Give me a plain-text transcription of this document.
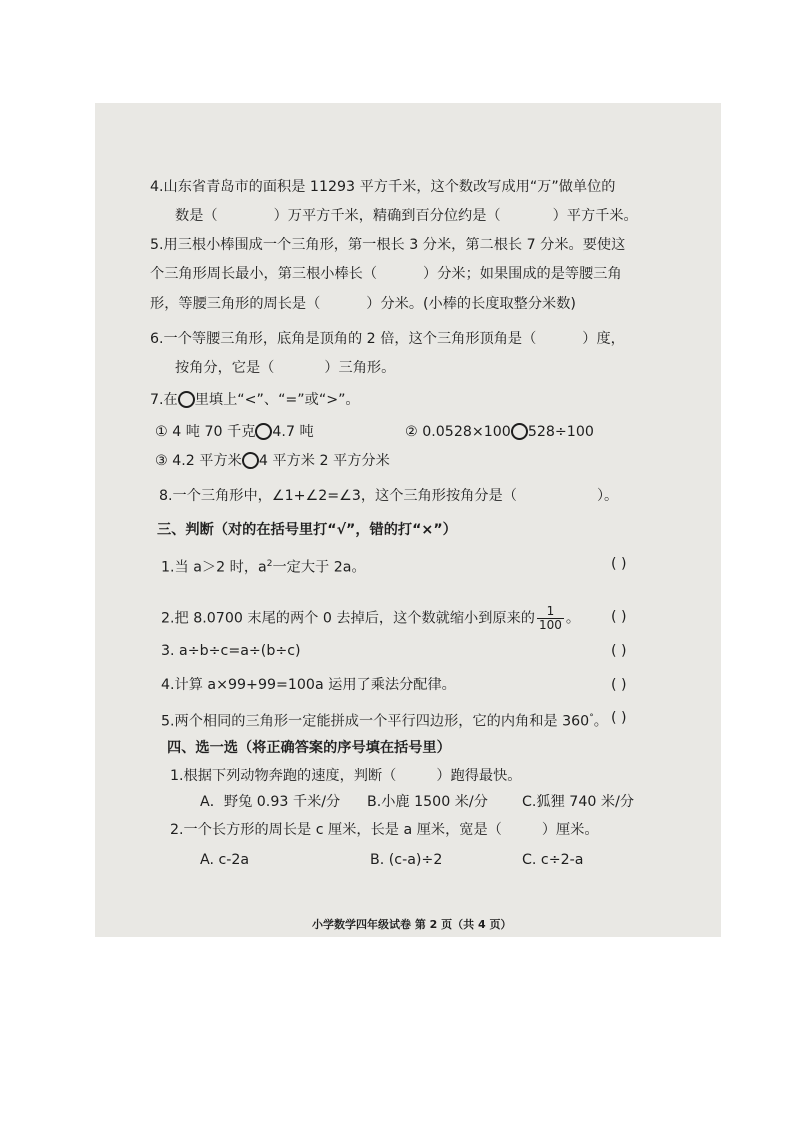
4.山东省青岛市的面积是 11293 平方千米，这个数改写成用“万”做单位的
数是（	）万平方千米，精确到百分位约是（	）平方千米。
5.用三根小棒围成一个三角形，第一根长 3 分米，第二根长 7 分米。要使这
个三角形周长最小，第三根小棒长（	）分米；如果围成的是等腰三角
形，等腰三角形的周长是（	）分米。(小棒的长度取整分米数)
6.一个等腰三角形，底角是顶角的 2 倍，这个三角形顶角是（	）度，
按角分，它是（	）三角形。
7.在 里填上“<”、“=”或“>”。
① 4 吨 70 千克 4.7 吨	② 0.0528×100 528÷100
③ 4.2 平方米 4 平方米 2 平方分米
8.一个三角形中，∠1+∠2=∠3，这个三角形按角分是（	）。
三、判断（对的在括号里打“√”，错的打“×”）
1.当 a＞2 时，$a^2$一定大于 2a。	( )
2.把 8.0700 末尾的两个 0 去掉后，这个数就缩小到原来的 $\frac{1}{100}$ 。 ( )
3. a÷b÷c=a÷(b÷c)	( )
4.计算 a×99+99=100a 运用了乘法分配律。	( )
5.两个相同的三角形一定能拼成一个平行四边形，它的内角和是 360°。 ( )
四、选一选（将正确答案的序号填在括号里）
1.根据下列动物奔跑的速度，判断（	）跑得最快。
A．野兔 0.93 千米/分 B.小鹿 1500 米/分 C.狐狸 740 米/分
2.一个长方形的周长是 c 厘米，长是 a 厘米，宽是（	）厘米。
A. c-2a	B. (c-a)÷2	C. c÷2-a
小学数学四年级试卷 第 2 页（共 4 页）
